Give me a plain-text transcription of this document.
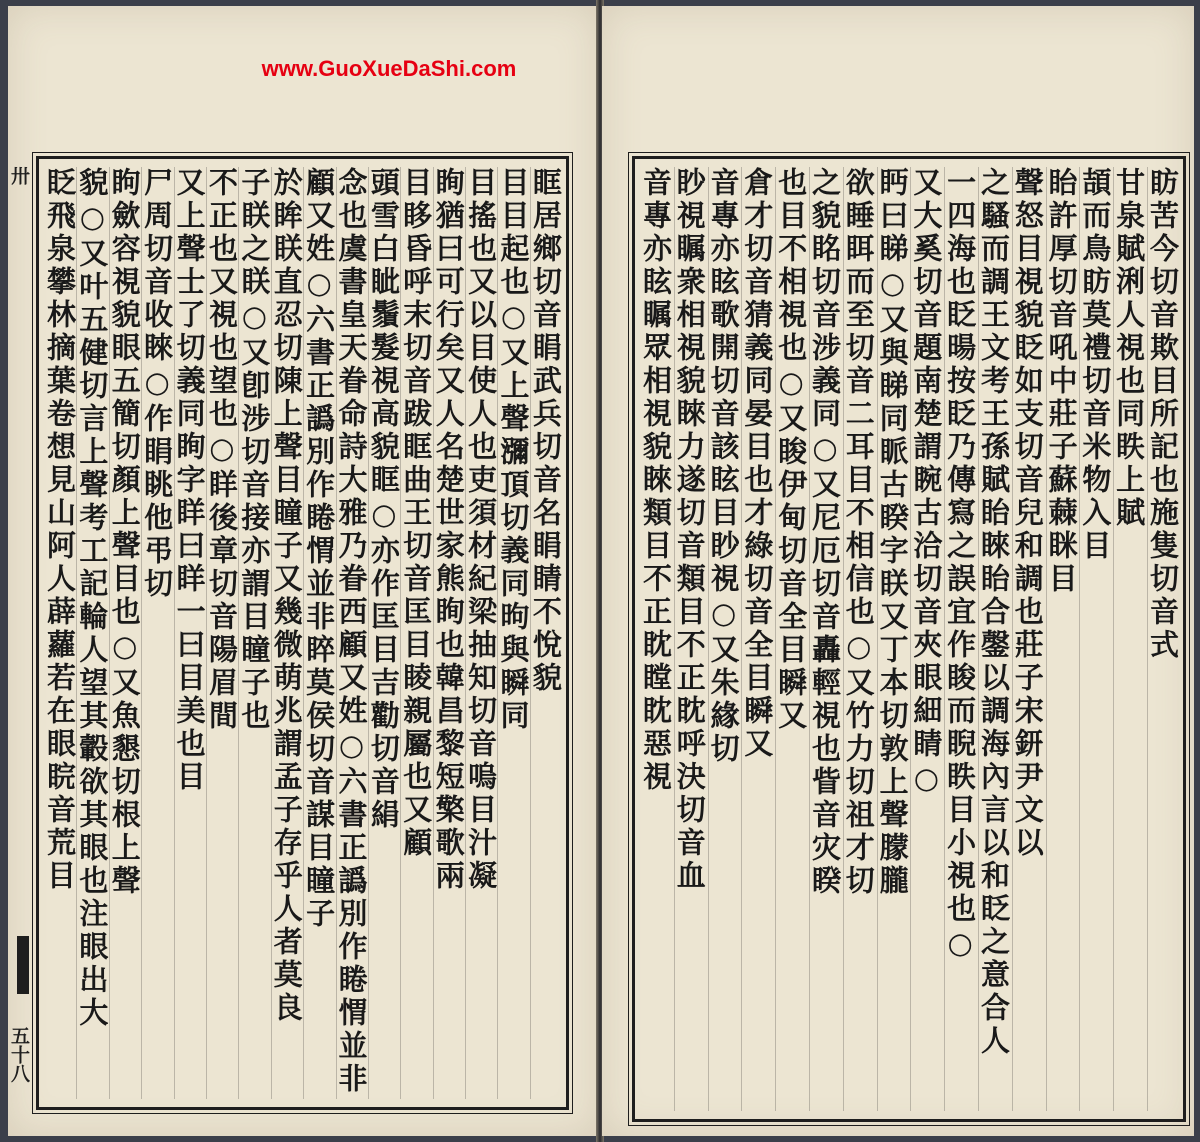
卅
五十八
眶居鄉切音睊武兵切音名睊睛不悅貌
目目起也○又上聲瀰頂切義同昫與瞬同
目搖也又以目使人也吏須材紀梁抽知切音嗚目汁凝
眴猶曰可行矣又人名楚世家熊眴也韓昌黎短檠歌兩
目眵昏呼末切音跋眶曲王切音匡目睖親屬也又顧
頭雪白眦鬚髮視高貌眶○亦作匡目吉勸切音絹
念也虞書皇天眷命詩大雅乃眷西顧又姓○六書正譌別作睠㥜並非
顧又姓○六書正譌別作睠㥜並非睟莫侯切音謀目瞳子
於眸眹直忍切陳上聲目瞳子又幾微萌兆謂孟子存乎人者莫良
子眹之眹○又卽涉切音接亦謂目瞳子也
不正也又視也望也○眻後章切音陽眉間
又上聲士了切義同眴字眻曰眻一曰目美也目
尸周切音收睞○作睊眺他弔切
眗歛容視貌眼五簡切顏上聲目也○又魚懇切根上聲
貌○又叶五健切言上聲考工記輪人望其轂欲其眼也注眼出大
眨飛泉攀林摘葉卷想見山阿人薜蘿若在眼睆音荒目	眆苦今切音欺目所記也施隻切音式
甘泉賦浰人視也同眣上賦
頡而鳥眆莫禮切音米物入目
眙許厚切音吼中莊子蘇蕀眯目
聲怒目視貌眨如支切音兒和調也莊子宋鈃尹文以
之騷而調王文考王孫賦眙睞眙合鏧以調海內言以和眨之意合人
一四海也眨暘按眨乃傳寫之誤宜作睃而睨眣目小視也○
又大奚切音題南楚謂睕古洽切音夾眼細睛○
眄曰睇○又與睇同眽古睽字眹又丁本切敦上聲朦朧
欲睡眲而至切音二耳目不相信也○又竹力切祖才切
之貌眳切音涉義同○又尼厄切音轟輕視也眥音灾睽
也目不相視也○又睃伊甸切音全目瞬又
倉才切音猜義同晏目也才綠切音全目瞬又
音專亦眩歌開切音該眩目眇視○又朱緣切
眇視瞩衆相視貌睞力遂切音類目不正眈呼決切音血
音專亦眩瞩眾相視貌睞類目不正眈瞠眈惡視
www.GuoXueDaShi.com
